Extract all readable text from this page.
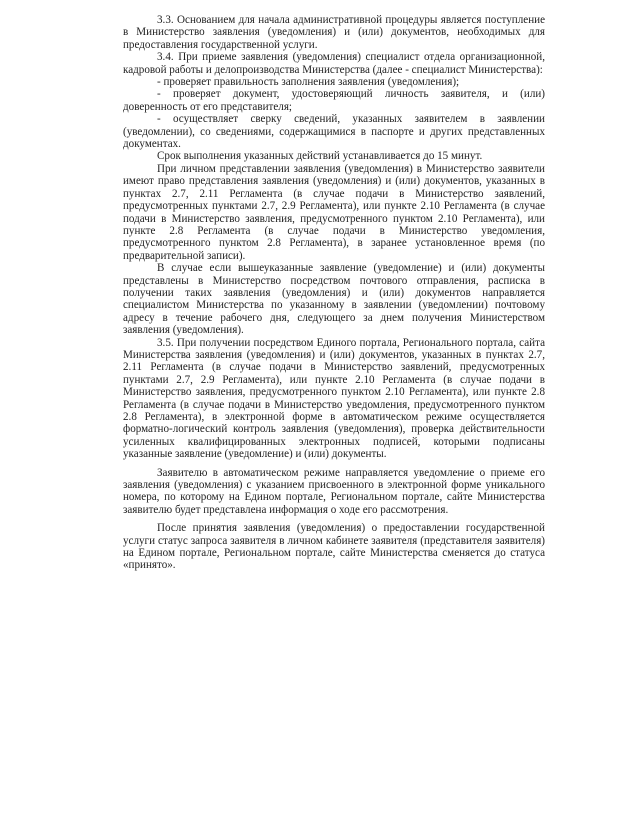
3.3. Основанием для начала административной процедуры является поступление в Министерство заявления (уведомления) и (или) документов, необходимых для предоставления государственной услуги.

3.4. При приеме заявления (уведомления) специалист отдела организационной, кадровой работы и делопроизводства Министерства (далее - специалист Министерства):

- проверяет правильность заполнения заявления (уведомления);

- проверяет документ, удостоверяющий личность заявителя, и (или) доверенность от его представителя;

- осуществляет сверку сведений, указанных заявителем в заявлении (уведомлении), со сведениями, содержащимися в паспорте и других представленных документах.

Срок выполнения указанных действий устанавливается до 15 минут.

При личном представлении заявления (уведомления) в Министерство заявители имеют право представления заявления (уведомления) и (или) документов, указанных в пунктах 2.7, 2.11 Регламента (в случае подачи в Министерство заявлений, предусмотренных пунктами 2.7, 2.9 Регламента), или пункте 2.10 Регламента (в случае подачи в Министерство заявления, предусмотренного пунктом 2.10 Регламента), или пункте 2.8 Регламента (в случае подачи в Министерство уведомления, предусмотренного пунктом 2.8 Регламента), в заранее установленное время (по предварительной записи).

В случае если вышеуказанные заявление (уведомление) и (или) документы представлены в Министерство посредством почтового отправления, расписка в получении таких заявления (уведомления) и (или) документов направляется специалистом Министерства по указанному в заявлении (уведомлении) почтовому адресу в течение рабочего дня, следующего за днем получения Министерством заявления (уведомления).

3.5. При получении посредством Единого портала, Регионального портала, сайта Министерства заявления (уведомления) и (или) документов, указанных в пунктах 2.7, 2.11 Регламента (в случае подачи в Министерство заявлений, предусмотренных пунктами 2.7, 2.9 Регламента), или пункте 2.10 Регламента (в случае подачи в Министерство заявления, предусмотренного пунктом 2.10 Регламента), или пункте 2.8 Регламента (в случае подачи в Министерство уведомления, предусмотренного пунктом 2.8 Регламента), в электронной форме в автоматическом режиме осуществляется форматно-логический контроль заявления (уведомления), проверка действительности усиленных квалифицированных электронных подписей, которыми подписаны указанные заявление (уведомление) и (или) документы.

Заявителю в автоматическом режиме направляется уведомление о приеме его заявления (уведомления) с указанием присвоенного в электронной форме уникального номера, по которому на Едином портале, Региональном портале, сайте Министерства заявителю будет представлена информация о ходе его рассмотрения.

После принятия заявления (уведомления) о предоставлении государственной услуги статус запроса заявителя в личном кабинете заявителя (представителя заявителя) на Едином портале, Региональном портале, сайте Министерства сменяется до статуса «принято».
